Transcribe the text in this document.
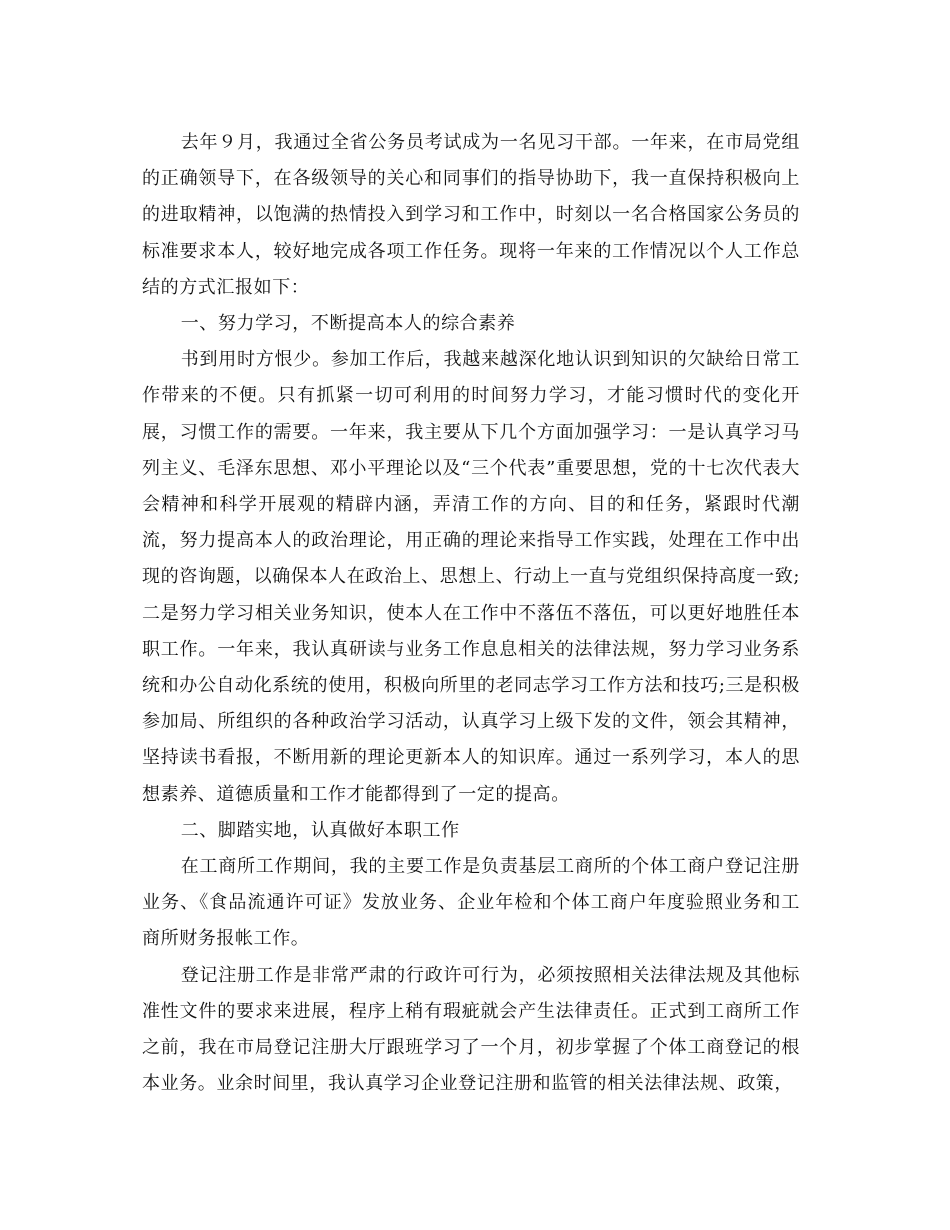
去年９月，我通过全省公务员考试成为一名见习干部。一年来，在市局党组的正确领导下，在各级领导的关心和同事们的指导协助下，我一直保持积极向上的进取精神，以饱满的热情投入到学习和工作中，时刻以一名合格国家公务员的标准要求本人，较好地完成各项工作任务。现将一年来的工作情况以个人工作总结的方式汇报如下：

一、努力学习，不断提高本人的综合素养

书到用时方恨少。参加工作后，我越来越深化地认识到知识的欠缺给日常工作带来的不便。只有抓紧一切可利用的时间努力学习，才能习惯时代的变化开展，习惯工作的需要。一年来，我主要从下几个方面加强学习：一是认真学习马列主义、毛泽东思想、邓小平理论以及“三个代表”重要思想，党的十七次代表大会精神和科学开展观的精辟内涵，弄清工作的方向、目的和任务，紧跟时代潮流，努力提高本人的政治理论，用正确的理论来指导工作实践，处理在工作中出现的咨询题，以确保本人在政治上、思想上、行动上一直与党组织保持高度一致;二是努力学习相关业务知识，使本人在工作中不落伍不落伍，可以更好地胜任本职工作。一年来，我认真研读与业务工作息息相关的法律法规，努力学习业务系统和办公自动化系统的使用，积极向所里的老同志学习工作方法和技巧;三是积极参加局、所组织的各种政治学习活动，认真学习上级下发的文件，领会其精神，坚持读书看报，不断用新的理论更新本人的知识库。通过一系列学习，本人的思想素养、道德质量和工作才能都得到了一定的提高。

二、脚踏实地，认真做好本职工作

在工商所工作期间，我的主要工作是负责基层工商所的个体工商户登记注册业务、《食品流通许可证》发放业务、企业年检和个体工商户年度验照业务和工商所财务报帐工作。

登记注册工作是非常严肃的行政许可行为，必须按照相关法律法规及其他标准性文件的要求来进展，程序上稍有瑕疵就会产生法律责任。正式到工商所工作之前，我在市局登记注册大厅跟班学习了一个月，初步掌握了个体工商登记的根本业务。业余时间里，我认真学习企业登记注册和监管的相关法律法规、政策，
